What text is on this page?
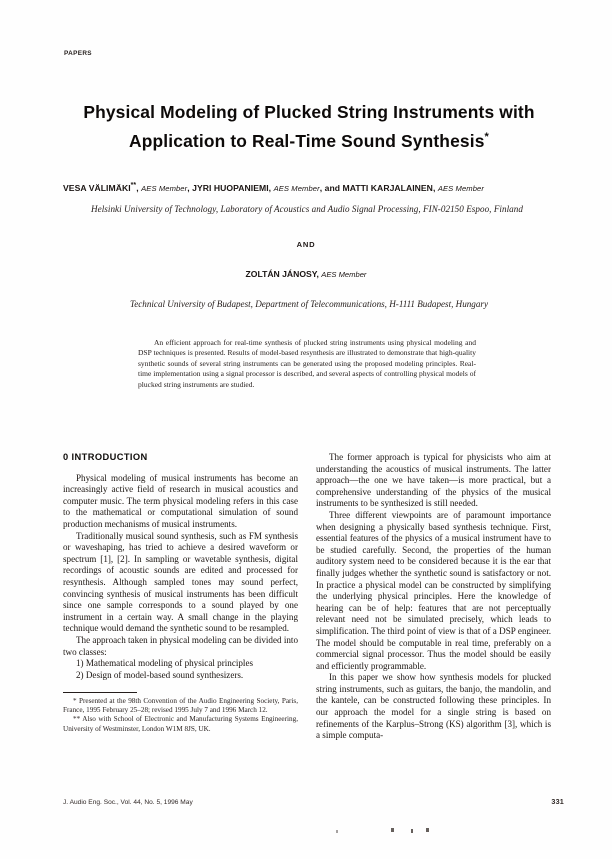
PAPERS
Physical Modeling of Plucked String Instruments with
Application to Real-Time Sound Synthesis*
VESA VÄLIMÄKI**, AES Member, JYRI HUOPANIEMI, AES Member, and MATTI KARJALAINEN, AES Member
Helsinki University of Technology, Laboratory of Acoustics and Audio Signal Processing, FIN-02150 Espoo, Finland
AND
ZOLTÁN JÁNOSY, AES Member
Technical University of Budapest, Department of Telecommunications, H-1111 Budapest, Hungary
An efficient approach for real-time synthesis of plucked string instruments using physical modeling and DSP techniques is presented. Results of model-based resynthesis are illustrated to demonstrate that high-quality synthetic sounds of several string instruments can be generated using the proposed modeling principles. Real-time implementation using a signal processor is described, and several aspects of controlling physical models of plucked string instruments are studied.
0 INTRODUCTION

Physical modeling of musical instruments has become an increasingly active field of research in musical acoustics and computer music. The term physical modeling refers in this case to the mathematical or computational simulation of sound production mechanisms of musical instruments.

Traditionally musical sound synthesis, such as FM synthesis or waveshaping, has tried to achieve a desired waveform or spectrum [1], [2]. In sampling or wavetable synthesis, digital recordings of acoustic sounds are edited and processed for resynthesis. Although sampled tones may sound perfect, convincing synthesis of musical instruments has been difficult since one sample corresponds to a sound played by one instrument in a certain way. A small change in the playing technique would demand the synthetic sound to be resampled.

The approach taken in physical modeling can be divided into two classes:

1) Mathematical modeling of physical principles

2) Design of model-based sound synthesizers.

* Presented at the 98th Convention of the Audio Engineering Society, Paris, France, 1995 February 25–28; revised 1995 July 7 and 1996 March 12.

** Also with School of Electronic and Manufacturing Systems Engineering, University of Westminster, London W1M 8JS, UK.

The former approach is typical for physicists who aim at understanding the acoustics of musical instruments. The latter approach—the one we have taken—is more practical, but a comprehensive understanding of the physics of the musical instruments to be synthesized is still needed.

Three different viewpoints are of paramount importance when designing a physically based synthesis technique. First, essential features of the physics of a musical instrument have to be studied carefully. Second, the properties of the human auditory system need to be considered because it is the ear that finally judges whether the synthetic sound is satisfactory or not. In practice a physical model can be constructed by simplifying the underlying physical principles. Here the knowledge of hearing can be of help: features that are not perceptually relevant need not be simulated precisely, which leads to simplification. The third point of view is that of a DSP engineer. The model should be computable in real time, preferably on a commercial signal processor. Thus the model should be easily and efficiently programmable.

In this paper we show how synthesis models for plucked string instruments, such as guitars, the banjo, the mandolin, and the kantele, can be constructed following these principles. In our approach the model for a single string is based on refinements of the Karplus–Strong (KS) algorithm [3], which is a simple computa-

J. Audio Eng. Soc., Vol. 44, No. 5, 1996 May	331
